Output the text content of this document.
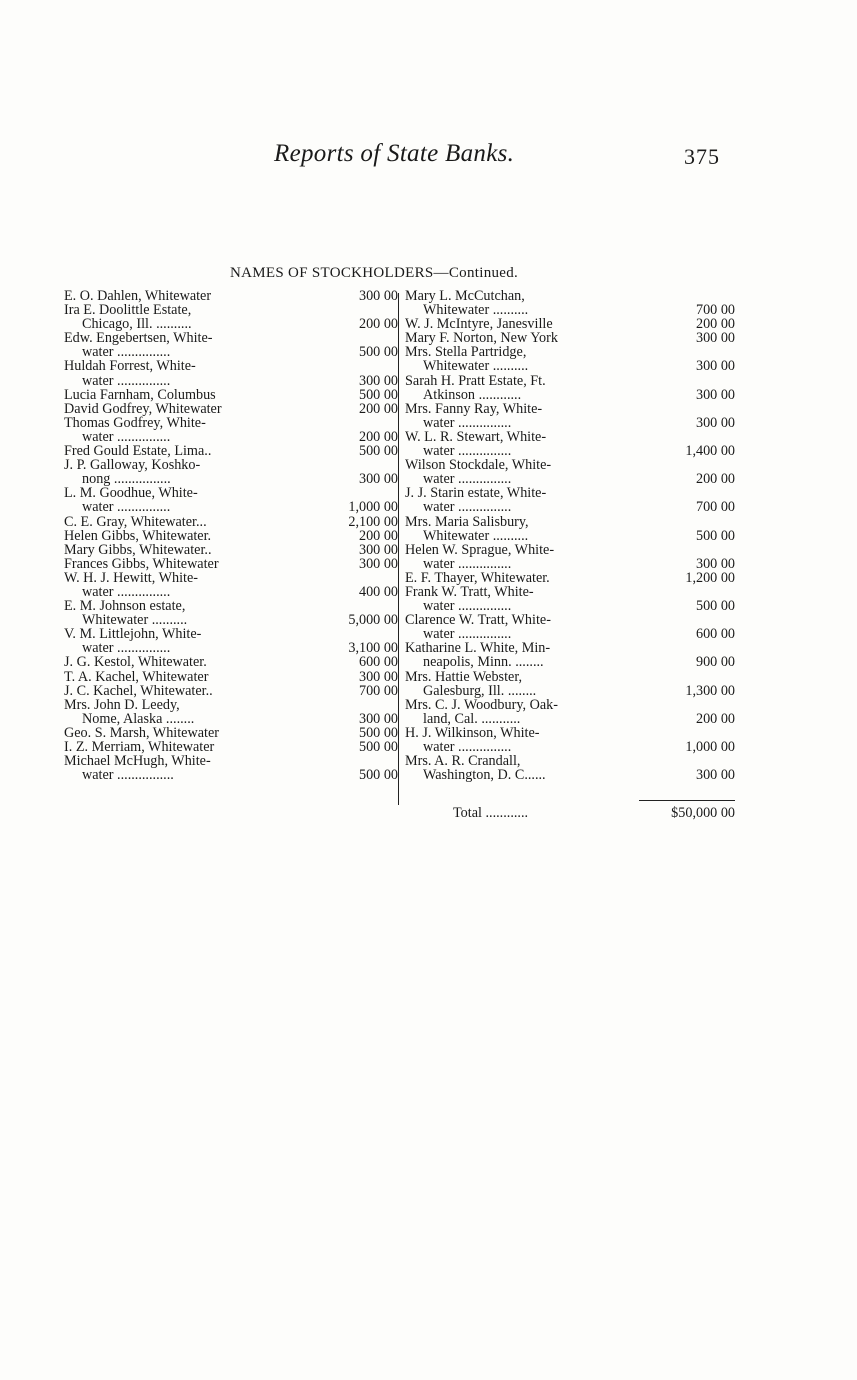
Reports of State Banks.	375
NAMES OF STOCKHOLDERS—Continued.
E. O. Dahlen, Whitewater	300 00
Ira E. Doolittle Estate,
Chicago, Ill. ..........	200 00
Edw. Engebertsen, White-
water ...............	500 00
Huldah Forrest, White-
water ...............	300 00
Lucia Farnham, Columbus	500 00
David Godfrey, Whitewater	200 00
Thomas Godfrey, White-
water ...............	200 00
Fred Gould Estate, Lima..	500 00
J. P. Galloway, Koshko-
nong ................	300 00
L. M. Goodhue, White-
water ...............	1,000 00
C. E. Gray, Whitewater...	2,100 00
Helen Gibbs, Whitewater.	200 00
Mary Gibbs, Whitewater..	300 00
Frances Gibbs, Whitewater	300 00
W. H. J. Hewitt, White-
water ...............	400 00
E. M. Johnson estate,
Whitewater ..........	5,000 00
V. M. Littlejohn, White-
water ...............	3,100 00
J. G. Kestol, Whitewater.	600 00
T. A. Kachel, Whitewater	300 00
J. C. Kachel, Whitewater..	700 00
Mrs. John D. Leedy,
Nome, Alaska ........	300 00
Geo. S. Marsh, Whitewater	500 00
I. Z. Merriam, Whitewater	500 00
Michael McHugh, White-
water ................	500 00
Mary L. McCutchan,
Whitewater ..........	700 00
W. J. McIntyre, Janesville	200 00
Mary F. Norton, New York	300 00
Mrs. Stella Partridge,
Whitewater ..........	300 00
Sarah H. Pratt Estate, Ft.
Atkinson ............	300 00
Mrs. Fanny Ray, White-
water ...............	300 00
W. L. R. Stewart, White-
water ...............	1,400 00
Wilson Stockdale, White-
water ...............	200 00
J. J. Starin estate, White-
water ...............	700 00
Mrs. Maria Salisbury,
Whitewater ..........	500 00
Helen W. Sprague, White-
water ...............	300 00
E. F. Thayer, Whitewater.	1,200 00
Frank W. Tratt, White-
water ...............	500 00
Clarence W. Tratt, White-
water ...............	600 00
Katharine L. White, Min-
neapolis, Minn. ........	900 00
Mrs. Hattie Webster,
Galesburg, Ill. ........	1,300 00
Mrs. C. J. Woodbury, Oak-
land, Cal. ...........	200 00
H. J. Wilkinson, White-
water ...............	1,000 00
Mrs. A. R. Crandall,
Washington, D. C......	300 00
Total ............	$50,000 00
